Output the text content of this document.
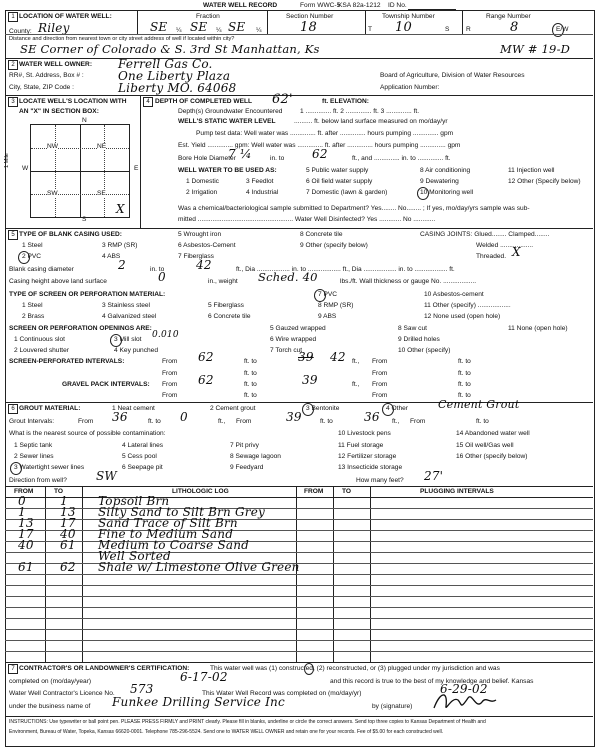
WATER WELL RECORD	Form WWC-5
KSA 82a-1212 ID No.
1 LOCATION OF WATER WELL:
County: Riley
Fraction
SE ¼ SE ¼ SE ¼
Section Number
18
Township Number
T 10	S
Range Number
R	8	E/W
Distance and direction from nearest town or city street address of well if located within city?
SE Corner of Colorado & S. 3rd St Manhattan, Ks	MW # 19-D
2 WATER WELL OWNER:
RR#, St. Address, Box # :
City, State, ZIP Code :
Ferrell Gas Co.
One Liberty Plaza
Liberty MO. 64068
Board of Agriculture, Division of Water Resources
Application Number:
3 LOCATE WELL'S LOCATION WITH
AN "X" IN SECTION BOX:
N
S
W	E
1 Mile
NW	NE
SW	SE
X
4 DEPTH OF COMPLETED WELL 62'	ft. ELEVATION:
Depth(s) Groundwater Encountered	1 .............. ft. 2 .............. ft. 3 .............. ft.
WELL'S STATIC WATER LEVEL	.......... ft. below land surface measured on mo/day/yr
Pump test data: Well water was .............. ft. after .............. hours pumping .............. gpm
Est. Yield .............. gpm: Well water was .............. ft. after .............. hours pumping .............. gpm
Bore Hole Diameter
7 ¼	in. to 62	ft., and .............. in. to .............. ft.
WELL WATER TO BE USED AS:
1 Domestic
2 Irrigation
3 Feedlot
4 Industrial
5 Public water supply
6 Oil field water supply
7 Domestic (lawn & garden)
8 Air conditioning
9 Dewatering
10 Monitoring well
11 Injection well
12 Other (Specify below)
Was a chemical/bacteriological sample submitted to Department? Yes........ No........ ; If yes, mo/day/yrs sample was sub-
mitted .................................................... Water Well Disinfected? Yes ............ No ............
5 TYPE OF BLANK CASING USED:
1 Steel
2 PVC
3 RMP (SR)
4 ABS
5 Wrought iron
6 Asbestos-Cement
7 Fiberglass
8 Concrete tile
9 Other (specify below)
CASING JOINTS: Glued........ Clamped........
Welded ..................
Threaded. X
Blank casing diameter	2	in. to	42	ft., Dia .................. in. to .................. ft., Dia .................. in. to .................. ft.
Casing height above land surface	0	in., weight Sched. 40	lbs./ft. Wall thickness or gauge No. ..................
TYPE OF SCREEN OR PERFORATION MATERIAL:
1 Steel
2 Brass
3 Stainless steel
4 Galvanized steel
5 Fiberglass
6 Concrete tile
7 PVC
8 RMP (SR)
9 ABS
10 Asbestos-cement
11 Other (specify) ..................
12 None used (open hole)
SCREEN OR PERFORATION OPENINGS ARE:
1 Continuous slot
2 Louvered shutter
3 Mill slot 0.010
4 Key punched
5 Gauzed wrapped
6 Wire wrapped
7 Torch cut
8 Saw cut
9 Drilled holes
10 Other (specify)
11 None (open hole)
SCREEN-PERFORATED INTERVALS:	From 62	ft. to	39 42 ft., From	ft. to
From	ft. to	From	ft. to
GRAVEL PACK INTERVALS: From 62	ft. to	39	ft., From	ft. to
From	ft. to	From	ft. to
6 GROUT MATERIAL:	1 Neat cement	2 Cement grout	3 Bentonite	4 Other	Cement Grout
Grout Intervals:	From 36	ft. to 0	ft., From	39	ft. to	36 ft., From	ft. to
What is the nearest source of possible contamination:
1 Septic tank
2 Sewer lines
3 Watertight sewer lines
4 Lateral lines
5 Cess pool
6 Seepage pit
7 Pit privy
8 Sewage lagoon
9 Feedyard
10 Livestock pens
11 Fuel storage
12 Fertilizer storage
13 Insecticide storage
14 Abandoned water well
15 Oil well/Gas well
16 Other (specify below)
Direction from well? SW	How many feet? 27'
FROM	TO	LITHOLOGIC LOG	FROM	TO	PLUGGING INTERVALS
0	1	Topsoil Brn
1	13 Silty Sand to Silt Brn Grey
13 17 Sand Trace of Silt Brn
17 40 Fine to Medium Sand
40 61 Medium to Coarse Sand
Well Sorted
61 62 Shale w/ Limestone Olive Green
7 CONTRACTOR'S OR LANDOWNER'S CERTIFICATION:	This water well was (1) constructed, (2) reconstructed, or (3) plugged under my jurisdiction and was
completed on (mo/day/year)	6-17-02	and this record is true to the best of my knowledge and belief. Kansas
Water Well Contractor's Licence No. 573	This Water Well Record was completed on (mo/day/yr)	6-29-02
under the business name of Funkee Drilling Service Inc	by (signature)
INSTRUCTIONS: Use typewriter or ball point pen. PLEASE PRESS FIRMLY and PRINT clearly. Please fill in blanks, underline or circle the correct answers. Send top three copies to Kansas Department of Health and
Environment, Bureau of Water, Topeka, Kansas 66620-0001. Telephone 785-296-5524. Send one to WATER WELL OWNER and retain one for your records. Fee of $5.00 for each constructed well.
